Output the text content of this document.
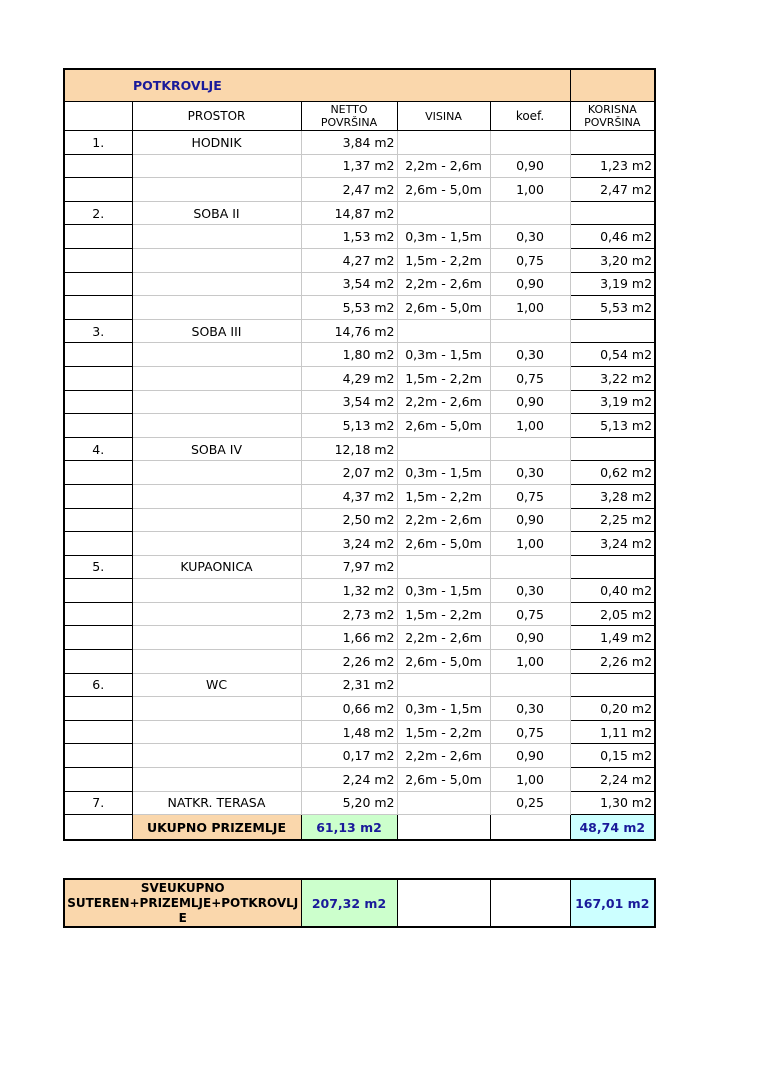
POTKROVLJE					
	PROSTOR	NETTO
POVRŠINA	VISINA	koef.	KORISNA
POVRŠINA
1.	HODNIK	3,84 m2			
		1,37 m2	2,2m - 2,6m	0,90	1,23 m2
		2,47 m2	2,6m - 5,0m	1,00	2,47 m2
2.	SOBA II	14,87 m2			
		1,53 m2	0,3m - 1,5m	0,30	0,46 m2
		4,27 m2	1,5m - 2,2m	0,75	3,20 m2
		3,54 m2	2,2m - 2,6m	0,90	3,19 m2
		5,53 m2	2,6m - 5,0m	1,00	5,53 m2
3.	SOBA III	14,76 m2			
		1,80 m2	0,3m - 1,5m	0,30	0,54 m2
		4,29 m2	1,5m - 2,2m	0,75	3,22 m2
		3,54 m2	2,2m - 2,6m	0,90	3,19 m2
		5,13 m2	2,6m - 5,0m	1,00	5,13 m2
4.	SOBA IV	12,18 m2			
		2,07 m2	0,3m - 1,5m	0,30	0,62 m2
		4,37 m2	1,5m - 2,2m	0,75	3,28 m2
		2,50 m2	2,2m - 2,6m	0,90	2,25 m2
		3,24 m2	2,6m - 5,0m	1,00	3,24 m2
5.	KUPAONICA	7,97 m2			
		1,32 m2	0,3m - 1,5m	0,30	0,40 m2
		2,73 m2	1,5m - 2,2m	0,75	2,05 m2
		1,66 m2	2,2m - 2,6m	0,90	1,49 m2
		2,26 m2	2,6m - 5,0m	1,00	2,26 m2
6.	WC	2,31 m2			
		0,66 m2	0,3m - 1,5m	0,30	0,20 m2
		1,48 m2	1,5m - 2,2m	0,75	1,11 m2
		0,17 m2	2,2m - 2,6m	0,90	0,15 m2
		2,24 m2	2,6m - 5,0m	1,00	2,24 m2
7.	NATKR. TERASA	5,20 m2		0,25	1,30 m2
	UKUPNO PRIZEMLJE	61,13 m2			48,74 m2
SVEUKUPNO
SUTEREN+PRIZEMLJE+POTKROVLJ
E	207,32 m2			167,01 m2
